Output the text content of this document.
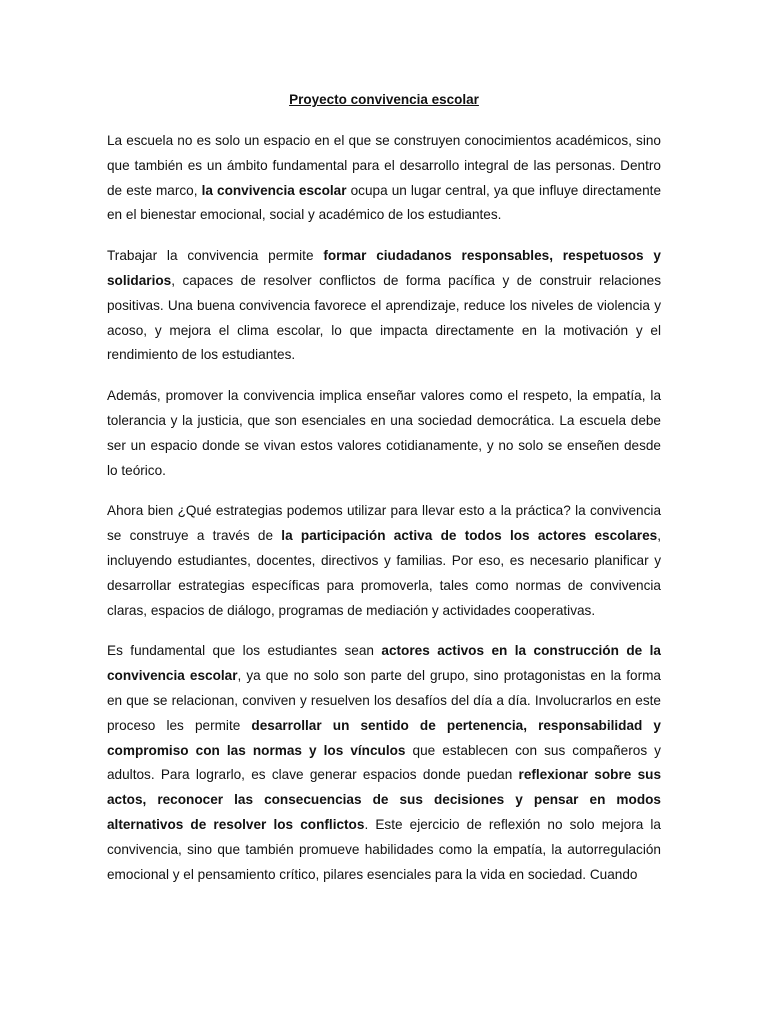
Proyecto convivencia escolar

La escuela no es solo un espacio en el que se construyen conocimientos académicos, sino que también es un ámbito fundamental para el desarrollo integral de las personas. Dentro de este marco, la convivencia escolar ocupa un lugar central, ya que influye directamente en el bienestar emocional, social y académico de los estudiantes.

Trabajar la convivencia permite formar ciudadanos responsables, respetuosos y solidarios, capaces de resolver conflictos de forma pacífica y de construir relaciones positivas. Una buena convivencia favorece el aprendizaje, reduce los niveles de violencia y acoso, y mejora el clima escolar, lo que impacta directamente en la motivación y el rendimiento de los estudiantes.

Además, promover la convivencia implica enseñar valores como el respeto, la empatía, la tolerancia y la justicia, que son esenciales en una sociedad democrática. La escuela debe ser un espacio donde se vivan estos valores cotidianamente, y no solo se enseñen desde lo teórico.

Ahora bien ¿Qué estrategias podemos utilizar para llevar esto a la práctica? la convivencia se construye a través de la participación activa de todos los actores escolares, incluyendo estudiantes, docentes, directivos y familias. Por eso, es necesario planificar y desarrollar estrategias específicas para promoverla, tales como normas de convivencia claras, espacios de diálogo, programas de mediación y actividades cooperativas.

Es fundamental que los estudiantes sean actores activos en la construcción de la convivencia escolar, ya que no solo son parte del grupo, sino protagonistas en la forma en que se relacionan, conviven y resuelven los desafíos del día a día. Involucrarlos en este proceso les permite desarrollar un sentido de pertenencia, responsabilidad y compromiso con las normas y los vínculos que establecen con sus compañeros y adultos. Para lograrlo, es clave generar espacios donde puedan reflexionar sobre sus actos, reconocer las consecuencias de sus decisiones y pensar en modos alternativos de resolver los conflictos. Este ejercicio de reflexión no solo mejora la convivencia, sino que también promueve habilidades como la empatía, la autorregulación emocional y el pensamiento crítico, pilares esenciales para la vida en sociedad. Cuando
